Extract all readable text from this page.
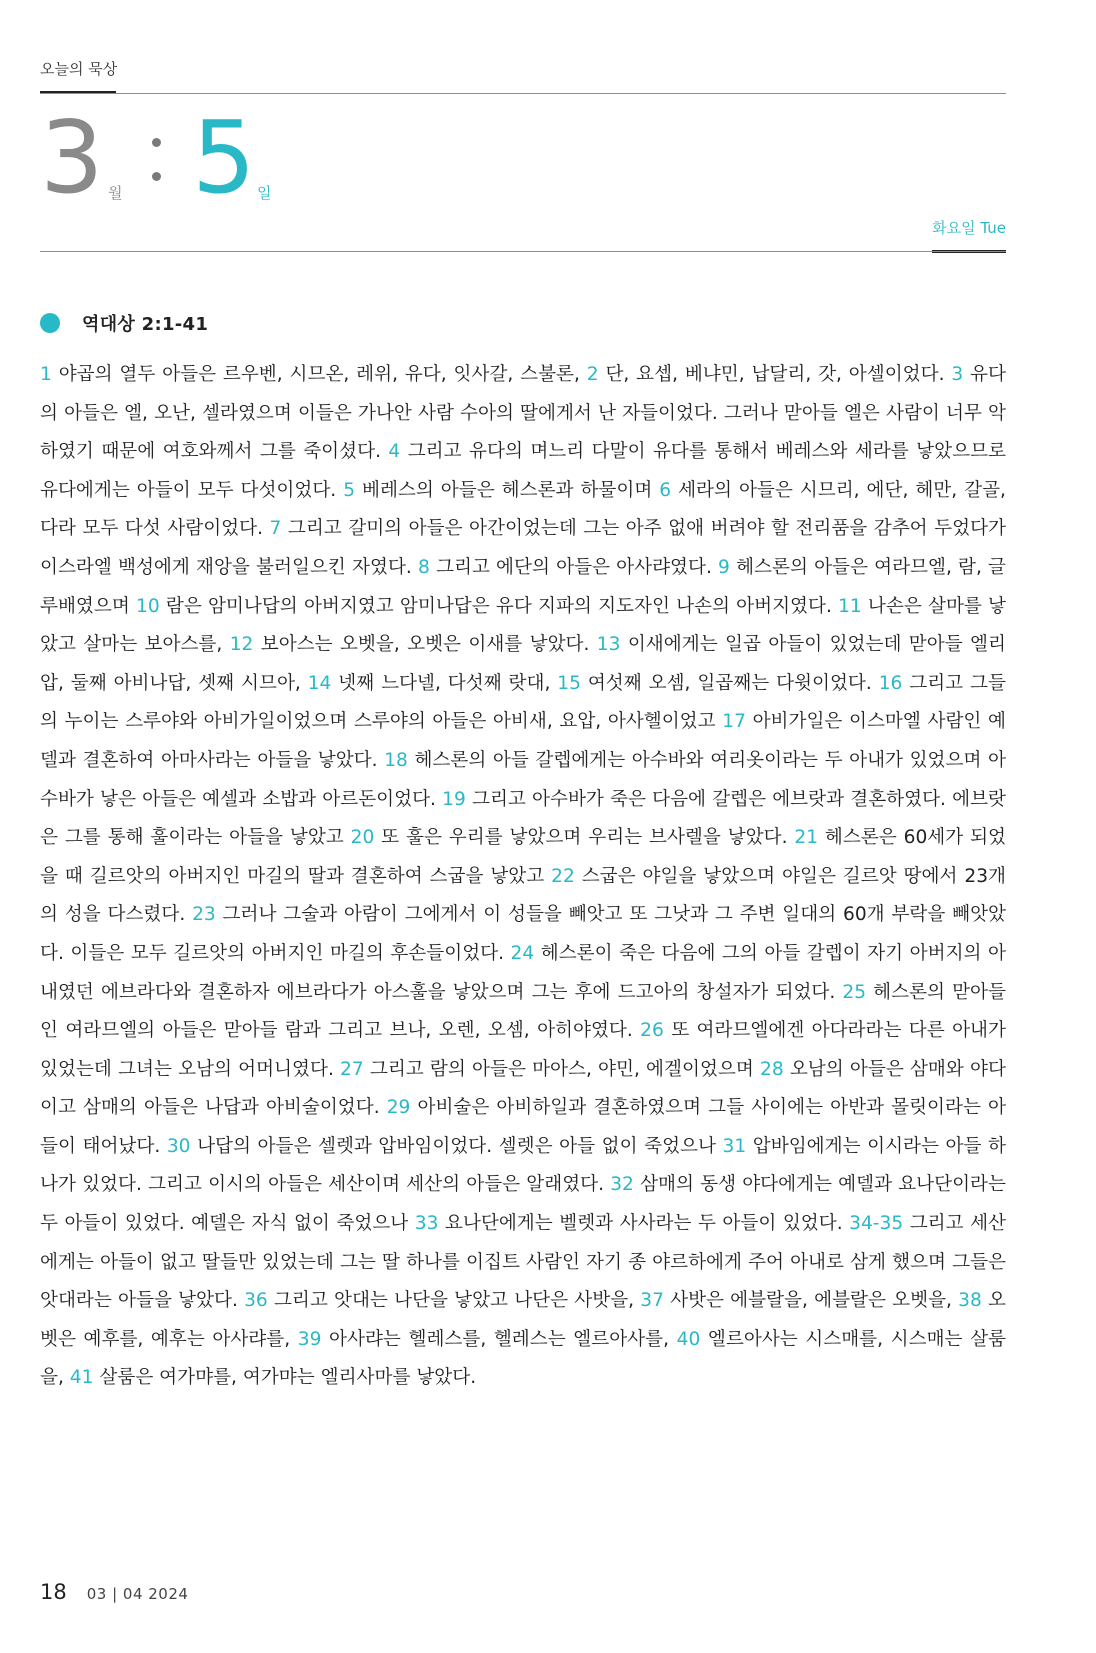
오늘의 묵상
3 월 5 일
화요일 Tue
역대상 2:1-41
1 야곱의 열두 아들은 르우벤, 시므온, 레위, 유다, 잇사갈, 스불론, 2 단, 요셉, 베냐민, 납달리, 갓, 아셀이었다. 3 유다의 아들은 엘, 오난, 셀라였으며 이들은 가나안 사람 수아의 딸에게서 난 자들이었다. 그러나 맏아들 엘은 사람이 너무 악하였기 때문에 여호와께서 그를 죽이셨다. 4 그리고 유다의 며느리 다말이 유다를 통해서 베레스와 세라를 낳았으므로 유다에게는 아들이 모두 다섯이었다. 5 베레스의 아들은 헤스론과 하물이며 6 세라의 아들은 시므리, 에단, 헤만, 갈골, 다라 모두 다섯 사람이었다. 7 그리고 갈미의 아들은 아간이었는데 그는 아주 없애 버려야 할 전리품을 감추어 두었다가 이스라엘 백성에게 재앙을 불러일으킨 자였다. 8 그리고 에단의 아들은 아사랴였다. 9 헤스론의 아들은 여라므엘, 람, 글루배였으며 10 람은 암미나답의 아버지였고 암미나답은 유다 지파의 지도자인 나손의 아버지였다. 11 나손은 살마를 낳았고 살마는 보아스를, 12 보아스는 오벳을, 오벳은 이새를 낳았다. 13 이새에게는 일곱 아들이 있었는데 맏아들 엘리압, 둘째 아비나답, 셋째 시므아, 14 넷째 느다넬, 다섯째 랏대, 15 여섯째 오셈, 일곱째는 다윗이었다. 16 그리고 그들의 누이는 스루야와 아비가일이었으며 스루야의 아들은 아비새, 요압, 아사헬이었고 17 아비가일은 이스마엘 사람인 예델과 결혼하여 아마사라는 아들을 낳았다. 18 헤스론의 아들 갈렙에게는 아수바와 여리옷이라는 두 아내가 있었으며 아수바가 낳은 아들은 예셀과 소밥과 아르돈이었다. 19 그리고 아수바가 죽은 다음에 갈렙은 에브랏과 결혼하였다. 에브랏은 그를 통해 훌이라는 아들을 낳았고 20 또 훌은 우리를 낳았으며 우리는 브사렐을 낳았다. 21 헤스론은 60세가 되었을 때 길르앗의 아버지인 마길의 딸과 결혼하여 스굽을 낳았고 22 스굽은 야일을 낳았으며 야일은 길르앗 땅에서 23개의 성을 다스렸다. 23 그러나 그술과 아람이 그에게서 이 성들을 빼앗고 또 그낫과 그 주변 일대의 60개 부락을 빼앗았다. 이들은 모두 길르앗의 아버지인 마길의 후손들이었다. 24 헤스론이 죽은 다음에 그의 아들 갈렙이 자기 아버지의 아내였던 에브라다와 결혼하자 에브라다가 아스훌을 낳았으며 그는 후에 드고아의 창설자가 되었다. 25 헤스론의 맏아들인 여라므엘의 아들은 맏아들 람과 그리고 브나, 오렌, 오셈, 아히야였다. 26 또 여라므엘에겐 아다라라는 다른 아내가 있었는데 그녀는 오남의 어머니였다. 27 그리고 람의 아들은 마아스, 야민, 에겔이었으며 28 오남의 아들은 삼매와 야다이고 삼매의 아들은 나답과 아비술이었다. 29 아비술은 아비하일과 결혼하였으며 그들 사이에는 아반과 몰릿이라는 아들이 태어났다. 30 나답의 아들은 셀렛과 압바임이었다. 셀렛은 아들 없이 죽었으나 31 압바임에게는 이시라는 아들 하나가 있었다. 그리고 이시의 아들은 세산이며 세산의 아들은 알래였다. 32 삼매의 동생 야다에게는 예델과 요나단이라는 두 아들이 있었다. 예델은 자식 없이 죽었으나 33 요나단에게는 벨렛과 사사라는 두 아들이 있었다. 34-35 그리고 세산에게는 아들이 없고 딸들만 있었는데 그는 딸 하나를 이집트 사람인 자기 종 야르하에게 주어 아내로 삼게 했으며 그들은 앗대라는 아들을 낳았다. 36 그리고 앗대는 나단을 낳았고 나단은 사밧을, 37 사밧은 에블랄을, 에블랄은 오벳을, 38 오벳은 예후를, 예후는 아사랴를, 39 아사랴는 헬레스를, 헬레스는 엘르아사를, 40 엘르아사는 시스매를, 시스매는 살룸을, 41 살룸은 여가먀를, 여가먀는 엘리사마를 낳았다.
18 03 | 04 2024
